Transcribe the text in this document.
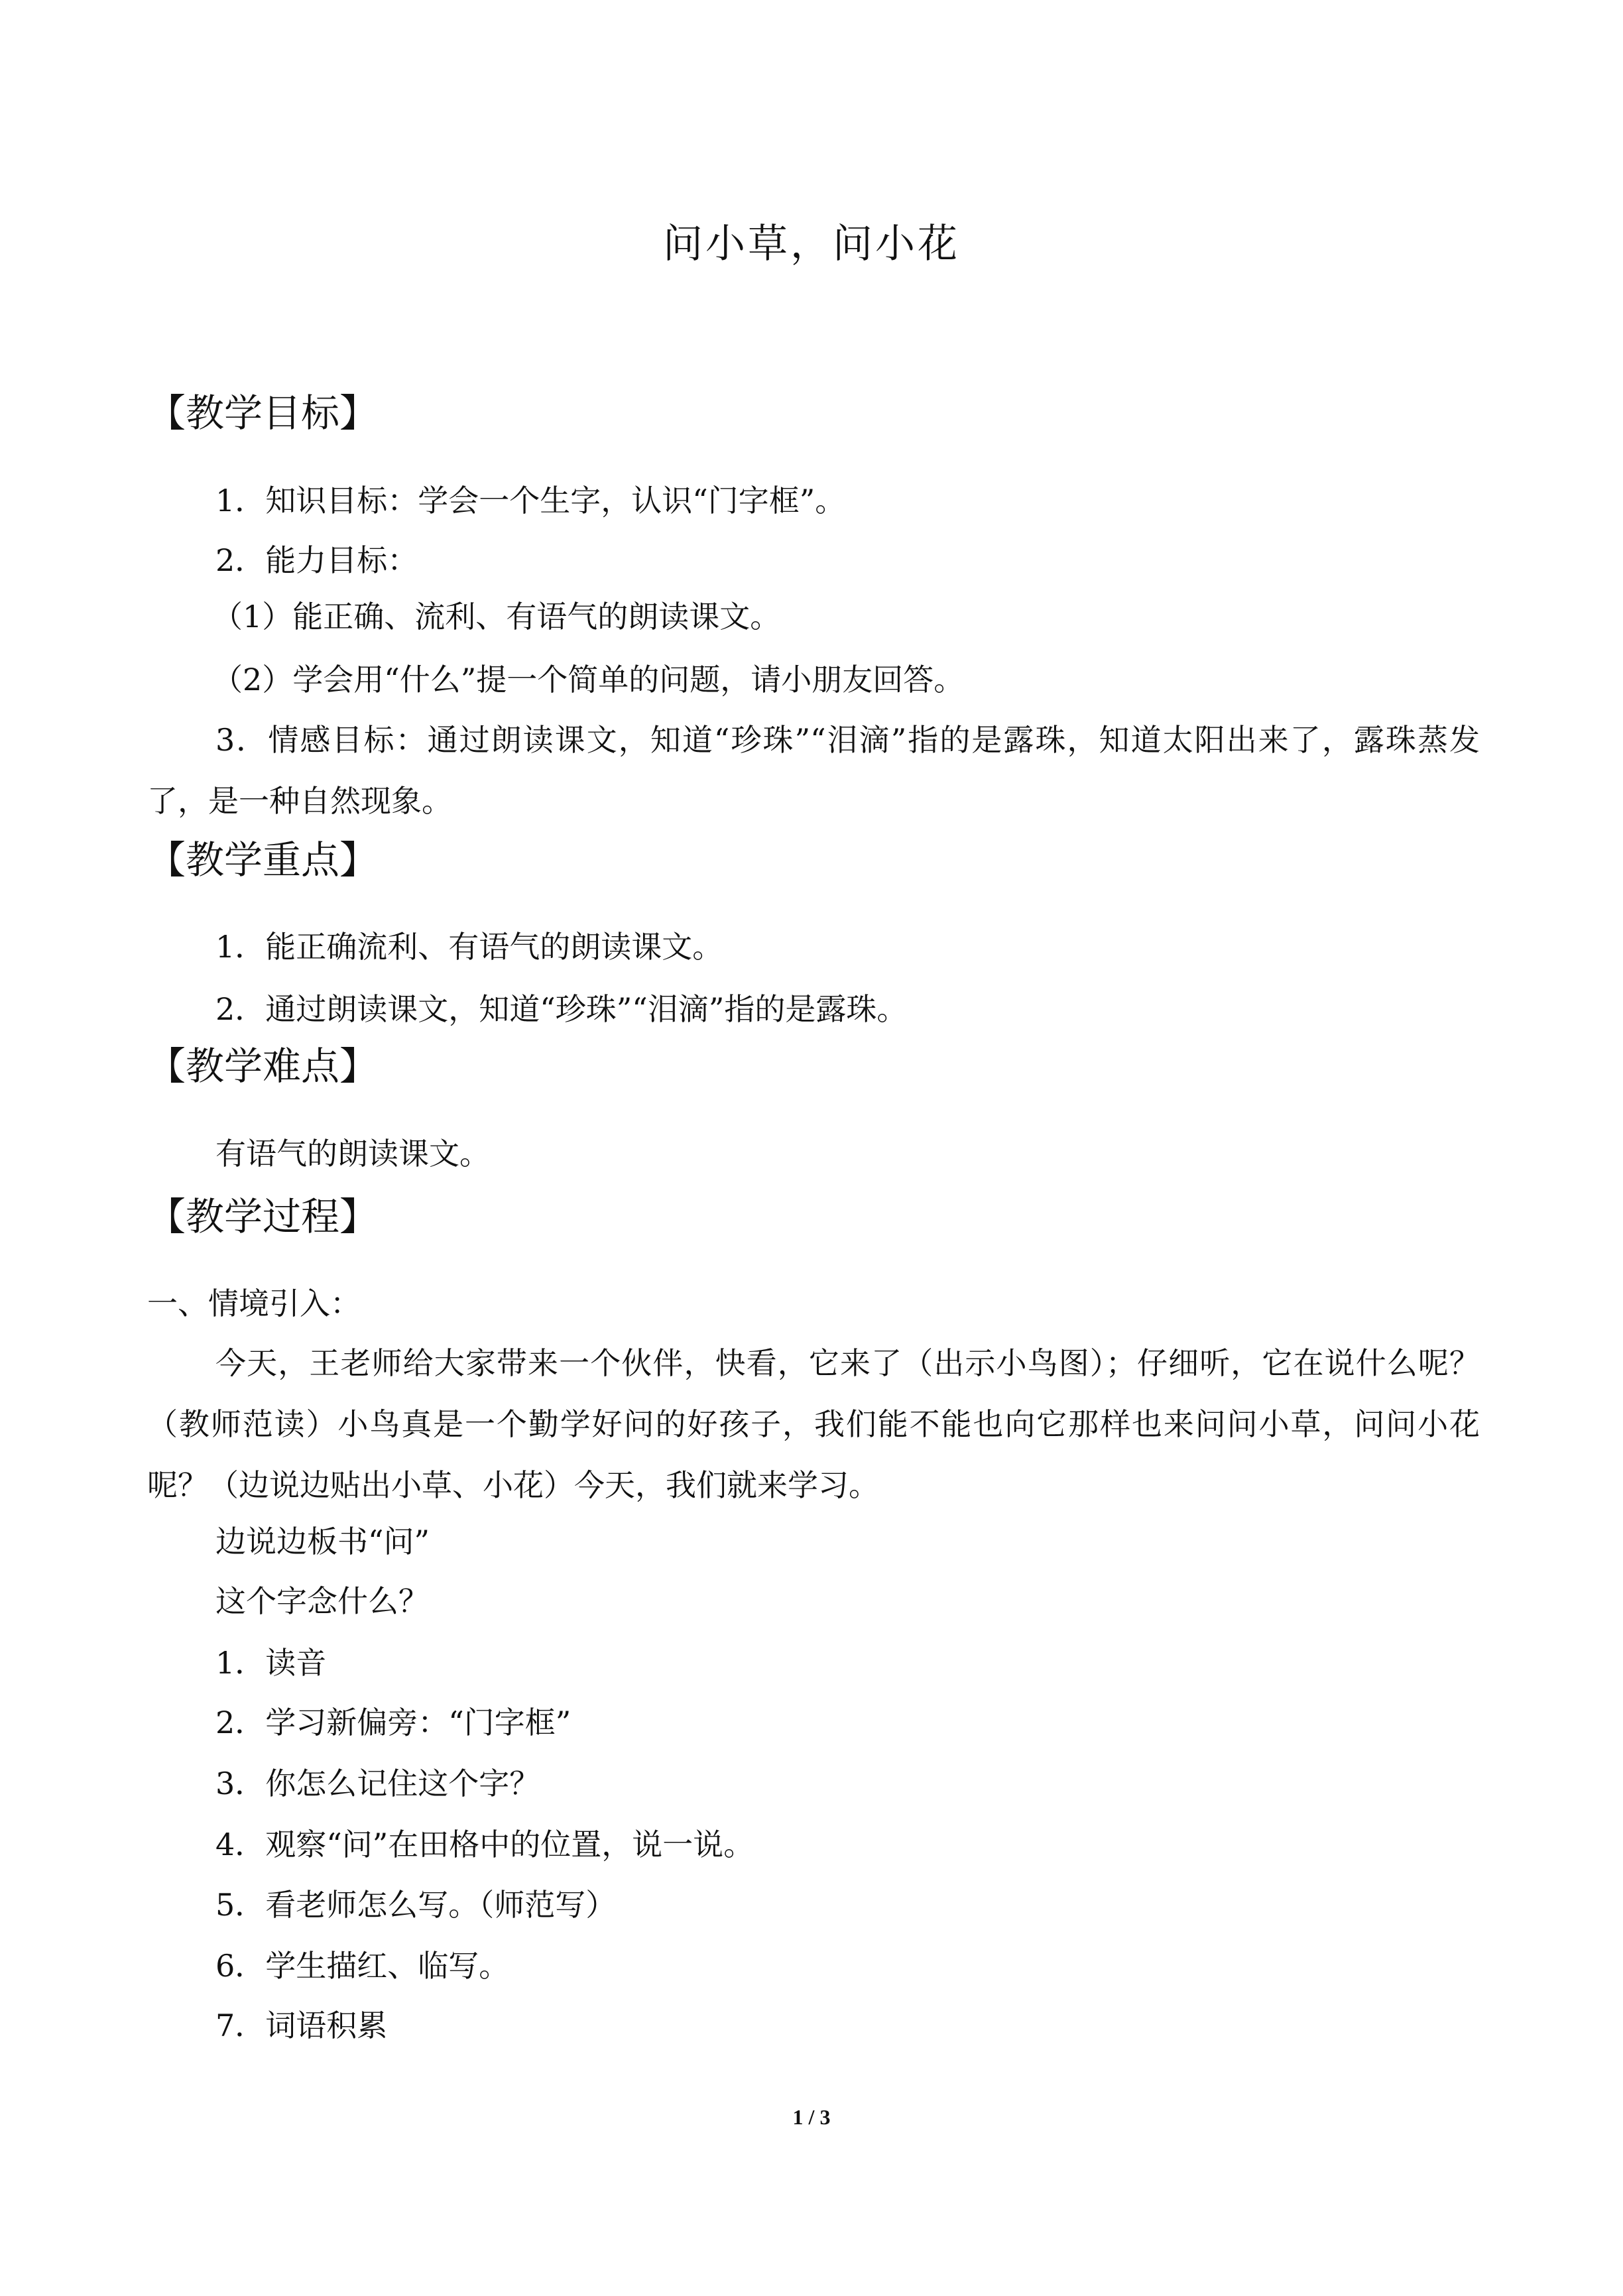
问小草，问小花
【教学目标】
1．知识目标：学会一个生字，认识“门字框”。
2．能力目标：
（1）能正确、流利、有语气的朗读课文。
（2）学会用“什么”提一个简单的问题，请小朋友回答。
3．情感目标：通过朗读课文，知道“珍珠”“泪滴”指的是露珠，知道太阳出来了，露珠蒸发了，是一种自然现象。
【教学重点】
1．能正确流利、有语气的朗读课文。
2．通过朗读课文，知道“珍珠”“泪滴”指的是露珠。
【教学难点】
有语气的朗读课文。
【教学过程】
一、情境引入：
今天，王老师给大家带来一个伙伴，快看，它来了（出示小鸟图）；仔细听，它在说什么呢？（教师范读）小鸟真是一个勤学好问的好孩子，我们能不能也向它那样也来问问小草，问问小花呢？（边说边贴出小草、小花）今天，我们就来学习。
边说边板书“问”
这个字念什么？
1．读音
2．学习新偏旁：“门字框”
3．你怎么记住这个字？
4．观察“问”在田格中的位置，说一说。
5．看老师怎么写。（师范写）
6．学生描红、临写。
7．词语积累
1 / 3
